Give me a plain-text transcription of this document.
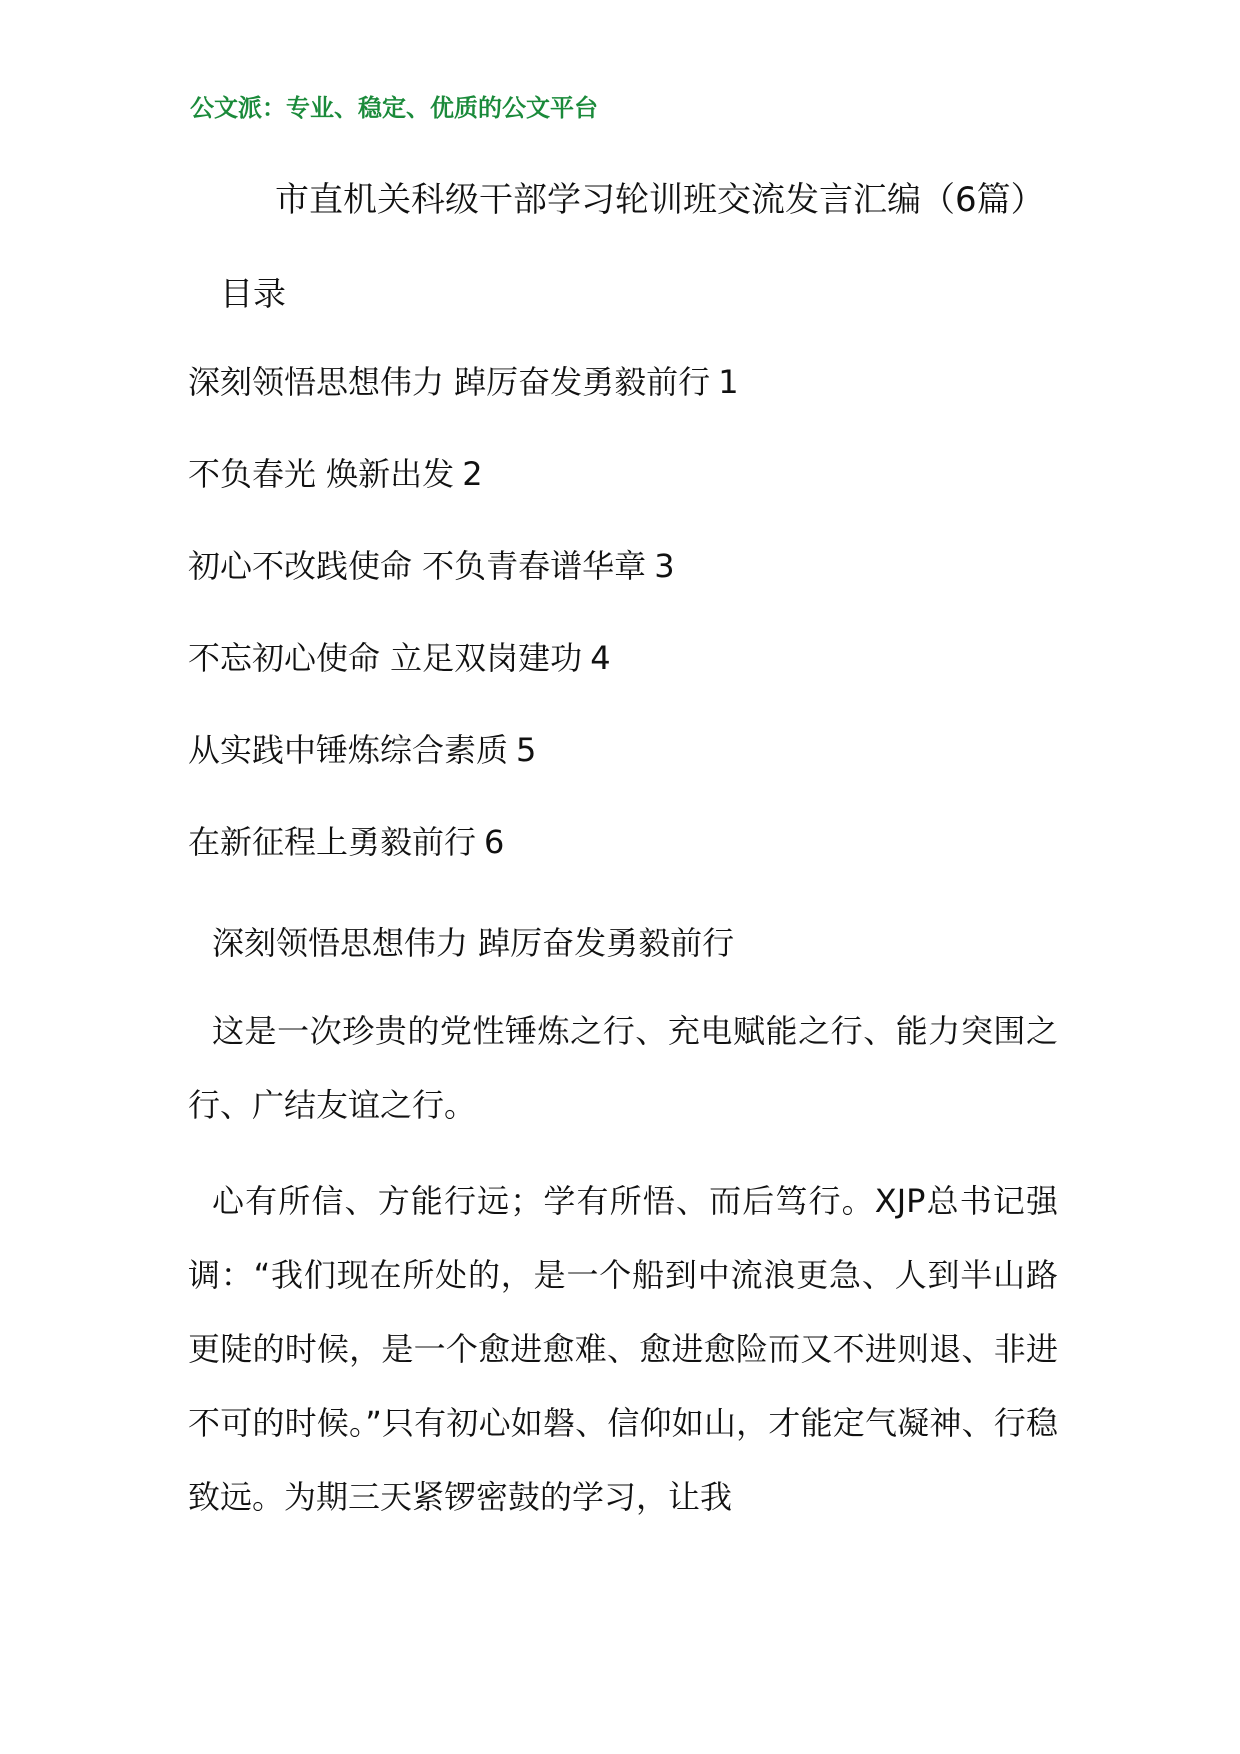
公文派：专业、稳定、优质的公文平台
市直机关科级干部学习轮训班交流发言汇编（6篇）
目录
深刻领悟思想伟力 踔厉奋发勇毅前行 1
不负春光 焕新出发 2
初心不改践使命 不负青春谱华章 3
不忘初心使命 立足双岗建功 4
从实践中锤炼综合素质 5
在新征程上勇毅前行 6
深刻领悟思想伟力 踔厉奋发勇毅前行

这是一次珍贵的党性锤炼之行、充电赋能之行、能力突围之行、广结友谊之行。

心有所信、方能行远；学有所悟、而后笃行。XJP总书记强调：“我们现在所处的，是一个船到中流浪更急、人到半山路更陡的时候，是一个愈进愈难、愈进愈险而又不进则退、非进不可的时候。”只有初心如磐、信仰如山，才能定气凝神、行稳致远。为期三天紧锣密鼓的学习，让我
